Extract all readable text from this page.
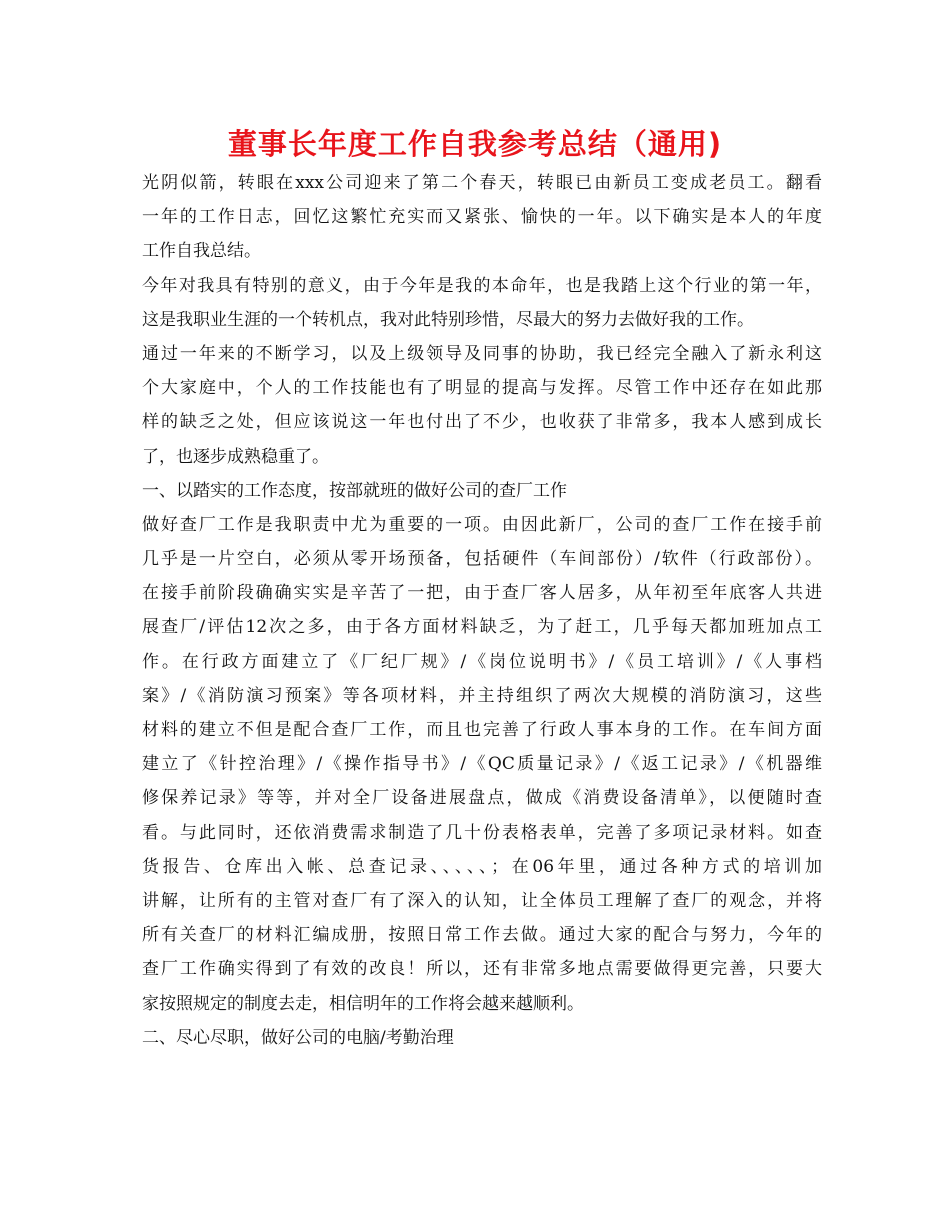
董事长年度工作自我参考总结（通用)
光阴似箭，转眼在xxx公司迎来了第二个春天，转眼已由新员工变成老员工。翻看
一年的工作日志，回忆这繁忙充实而又紧张、愉快的一年。以下确实是本人的年度
工作自我总结。
今年对我具有特别的意义，由于今年是我的本命年，也是我踏上这个行业的第一年，
这是我职业生涯的一个转机点，我对此特别珍惜，尽最大的努力去做好我的工作。
通过一年来的不断学习，以及上级领导及同事的协助，我已经完全融入了新永利这
个大家庭中，个人的工作技能也有了明显的提高与发挥。尽管工作中还存在如此那
样的缺乏之处，但应该说这一年也付出了不少，也收获了非常多，我本人感到成长
了，也逐步成熟稳重了。
一、以踏实的工作态度，按部就班的做好公司的查厂工作
做好查厂工作是我职责中尤为重要的一项。由因此新厂，公司的查厂工作在接手前
几乎是一片空白，必须从零开场预备，包括硬件（车间部份）/软件（行政部份）。
在接手前阶段确确实实是辛苦了一把，由于查厂客人居多，从年初至年底客人共进
展查厂/评估12次之多，由于各方面材料缺乏，为了赶工，几乎每天都加班加点工
作。在行政方面建立了《厂纪厂规》/《岗位说明书》/《员工培训》/《人事档
案》/《消防演习预案》等各项材料，并主持组织了两次大规模的消防演习，这些
材料的建立不但是配合查厂工作，而且也完善了行政人事本身的工作。在车间方面
建立了《针控治理》/《操作指导书》/《QC质量记录》/《返工记录》/《机器维
修保养记录》等等，并对全厂设备进展盘点，做成《消费设备清单》，以便随时查
看。与此同时，还依消费需求制造了几十份表格表单，完善了多项记录材料。如查
货报告、仓库出入帐、总查记录、、、、、；在06年里，通过各种方式的培训加
讲解，让所有的主管对查厂有了深入的认知，让全体员工理解了查厂的观念，并将
所有关查厂的材料汇编成册，按照日常工作去做。通过大家的配合与努力，今年的
查厂工作确实得到了有效的改良！所以，还有非常多地点需要做得更完善，只要大
家按照规定的制度去走，相信明年的工作将会越来越顺利。
二、尽心尽职，做好公司的电脑/考勤治理
